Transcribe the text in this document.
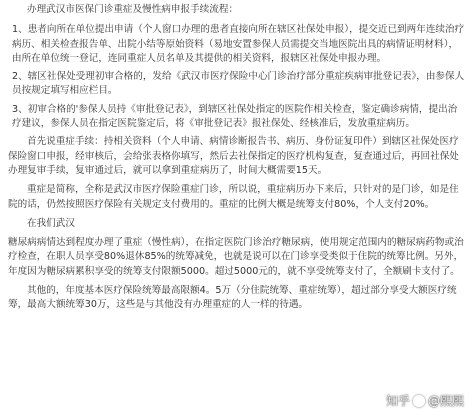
办理武汉市医保门诊重症及慢性病申报手续流程：

1、患者向所在单位提出申请（个人窗口办理的患者直接向所在辖区社保处申报），提交近已到两年连续治疗病历、相关检查报告单、出院小结等原始资料（易地安置参保人员需提交当地医院出具的病情证明材料），由所在单位统一登记，连同重症人员名单及其提供的相关资料，报辖区社保处申报办理。

2、辖区社保处受理初审合格的，发给《武汉市医疗保险中心门诊治疗部分重症疾病审批登记表》，由参保人员按规定填写相应栏目。

3、初审合格的'参保人员持《审批登记表》，到辖区社保处指定的医院作相关检查，鉴定确诊病情，提出治疗建议，参保人员在指定医院鉴定后，将《审批登记表》报社保处、经核准后，发放重症病历。

首先说重症手续：持相关资料（个人申请、病情诊断报告书、病历、身份证复印件）到辖区社保处医疗保险窗口申报，经审核后，会给张表格你填写，然后去社保指定的医疗机构复查，复查通过后，再回社保处办理复审手续，复审通过后，就可以拿到重症病历了，时间大概需要15天。

重症是简称，全称是武汉市医疗保险重症门诊，所以说，重症病历办下来后，只针对的是门诊，如是住院的话，仍然按照医疗保险有关规定支付费用的。重症的比例大概是统筹支付80%，个人支付20%。

在我们武汉

糖尿病病情达到程度办理了重症（慢性病），在指定医院门诊治疗糖尿病，使用规定范围内的糖尿病药物或治疗检查，在职人员享受80%退休85%的统筹减免，也就是说可以在门诊享受类似于住院的统筹比例。另外，年度因为糖尿病累积享受的统筹支付限额5000。超过5000元的，就不享受统筹支付了，全额刷卡支付了。

其他的，年度基本医疗保险统筹最高限额4。5万（分住院统筹、重症统筹），超过部分享受大额医疗统筹，最高大额统筹30万，这些是与其他没有办理重症的人一样的待遇。

知乎 @熙熙
